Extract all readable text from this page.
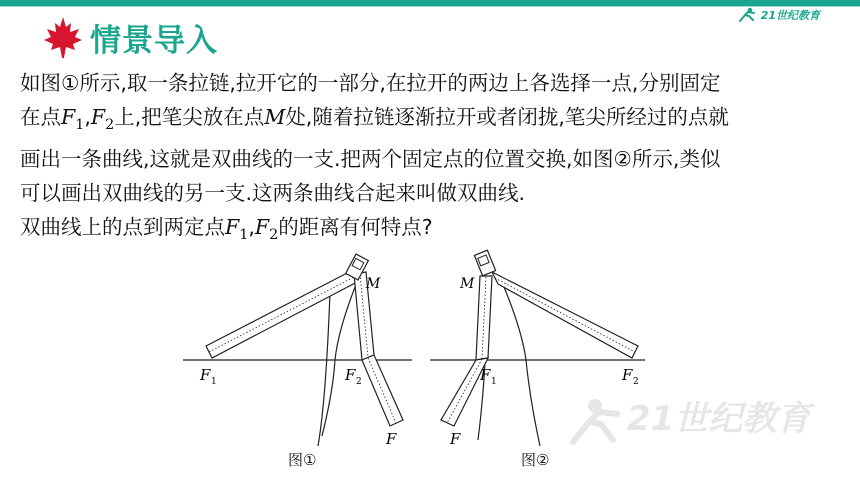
情景导入
21世纪教育

如图①所示,取一条拉链,拉开它的一部分,在拉开的两边上各选择一点,分别固定

在点$F_1,F_2$上,把笔尖放在点M处,随着拉链逐渐拉开或者闭拢,笔尖所经过的点就

画出一条曲线,这就是双曲线的一支.把两个固定点的位置交换,如图②所示,类似

可以画出双曲线的另一支.这两条曲线合起来叫做双曲线.

双曲线上的点到两定点$F_1,F_2$的距离有何特点?

21世纪教育
F 1	F 2
M
F
M
F 1	F 2
F
图①	图②
